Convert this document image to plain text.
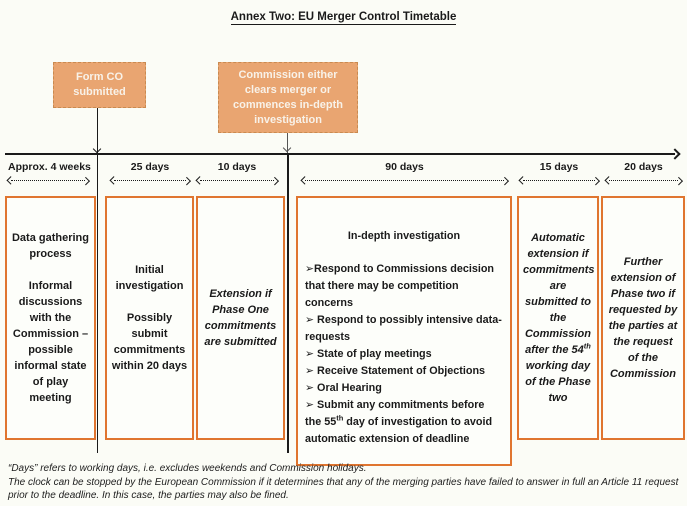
Annex Two: EU Merger Control Timetable
Form CO submitted
Commission either clears merger or commences in-depth investigation
Approx. 4 weeks	25 days	10 days	90 days	15 days	20 days
Data gathering process
Informal discussions with the Commission – possible informal state of play meeting
Initial investigation
Possibly submit commitments within 20 days
Extension if Phase One commitments are submitted
In-depth investigation
➢Respond to Commissions decision that there may be competition concerns
➢ Respond to possibly intensive data-requests
➢ State of play meetings
➢ Receive Statement of Objections
➢ Oral Hearing
➢ Submit any commitments before the 55th day of investigation to avoid automatic extension of deadline
Automatic extension if commitments are submitted to the Commission after the 54th working day of the Phase two
Further extension of Phase two if requested by the parties at the request of the Commission
“Days” refers to working days, i.e. excludes weekends and Commission holidays.
The clock can be stopped by the European Commission if it determines that any of the merging parties have failed to answer in full an Article 11 request prior to the deadline. In this case, the parties may also be fined.
